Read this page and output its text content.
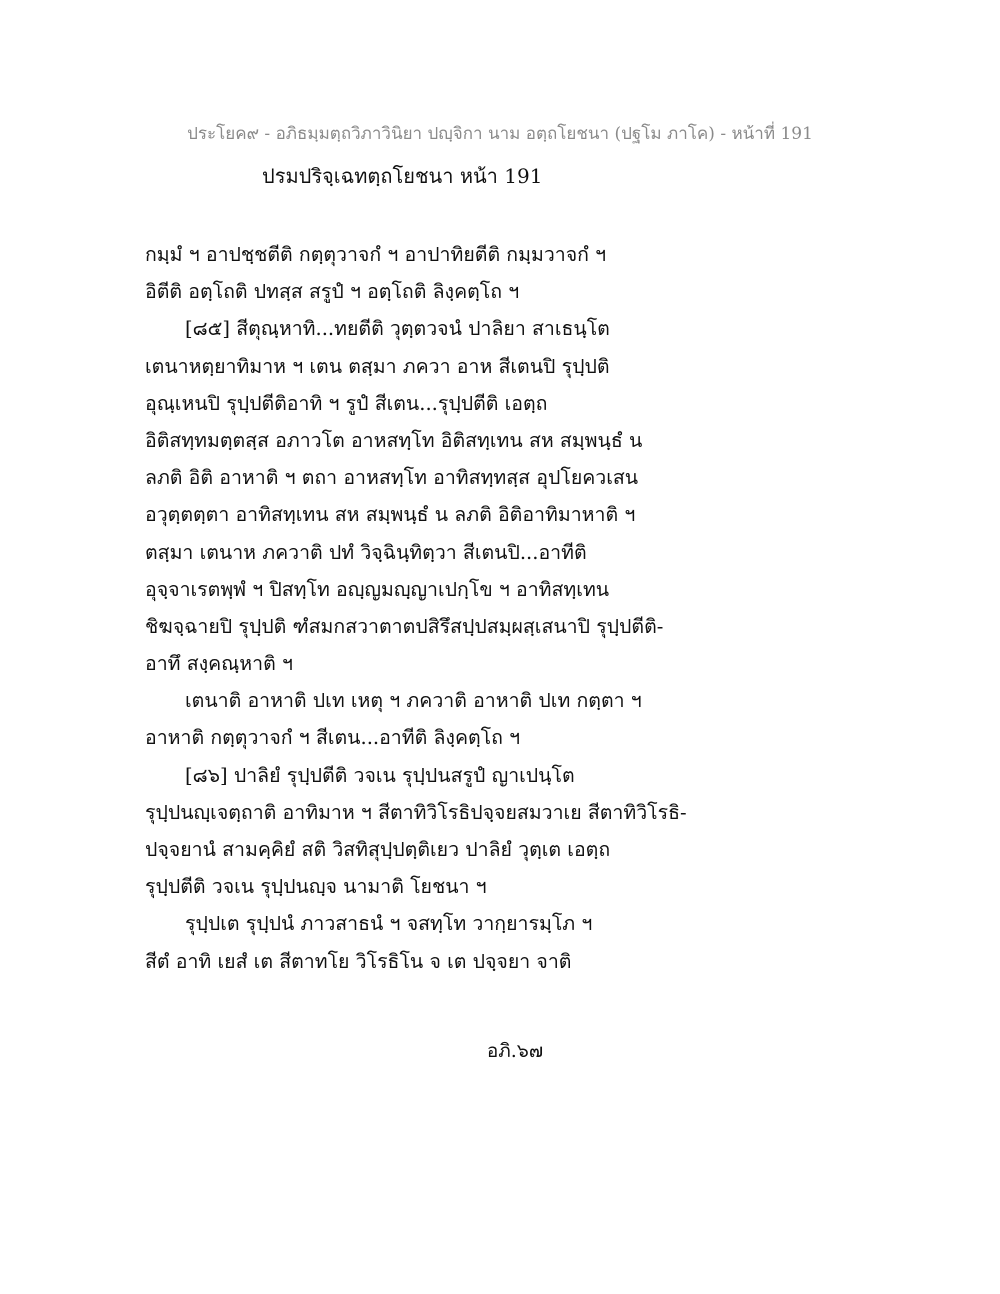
ประโยค๙ - อภิธมฺมตฺถวิภาวินิยา ปญฺจิกา นาม อตฺถโยชนา (ปฐโม ภาโค) - หน้าที่ 191
ปรมปริจฺเฉทตฺถโยชนา หน้า 191
กมฺมํ ฯ อาปชฺชตีติ กตฺตุวาจกํ ฯ อาปาทิยตีติ กมฺมวาจกํ ฯ
อิตีติ อตฺโถติ ปทสฺส สรูปํ ฯ อตฺโถติ ลิงฺคตฺโถ ฯ
[๘๕] สีตุณฺหาทิ...ทยตีติ วุตฺตวจนํ ปาลิยา สาเธนฺโต
เตนาหตฺยาทิมาห ฯ เตน ตสฺมา ภควา อาห สีเตนปิ รุปฺปติ
อุณฺเหนปิ รุปฺปตีติอาทิ ฯ รูปํ สีเตน...รุปฺปตีติ เอตฺถ
อิติสทฺทมตฺตสฺส อภาวโต อาหสทฺโท อิติสทฺเทน สห สมฺพนฺธํ น
ลภติ อิติ อาหาติ ฯ ตถา อาหสทฺโท อาทิสทฺทสฺส อุปโยควเสน
อวุตฺตตฺตา อาทิสทฺเทน สห สมฺพนฺธํ น ลภติ อิติอาทิมาหาติ ฯ
ตสฺมา เตนาห ภควาติ ปทํ วิจฺฉินฺทิตฺวา สีเตนปิ...อาทีติ
อุจฺจาเรตพฺพํ ฯ ปิสทฺโท อญฺญมญฺญาเปกฺโข ฯ อาทิสทฺเทน
ชิฆจฺฉายปิ รุปฺปติ ฑํสมกสวาตาตปสิรึสปฺปสมฺผสฺเสนาปิ รุปฺปตีติ-
อาทึ สงฺคณฺหาติ ฯ
เตนาติ อาหาติ ปเท เหตุ ฯ ภควาติ อาหาติ ปเท กตฺตา ฯ
อาหาติ กตฺตุวาจกํ ฯ สีเตน...อาทีติ ลิงฺคตฺโถ ฯ
[๘๖] ปาลิยํ รุปฺปตีติ วจเน รุปฺปนสรูปํ ญาเปนฺโต
รุปฺปนญฺเจตฺถาติ อาทิมาห ฯ สีตาทิวิโรธิปจฺจยสมวาเย สีตาทิวิโรธิ-
ปจฺจยานํ สามคฺคิยํ สติ วิสทิสุปฺปตฺติเยว ปาลิยํ วุตฺเต เอตฺถ
รุปฺปตีติ วจเน รุปฺปนญฺจ นามาติ โยชนา ฯ
รุปฺปเต รุปฺปนํ ภาวสาธนํ ฯ จสทฺโท วากฺยารมฺโภ ฯ
สีตํ อาทิ เยสํ เต สีตาทโย วิโรธิโน จ เต ปจฺจยา จาติ
อภิ.๖๗
